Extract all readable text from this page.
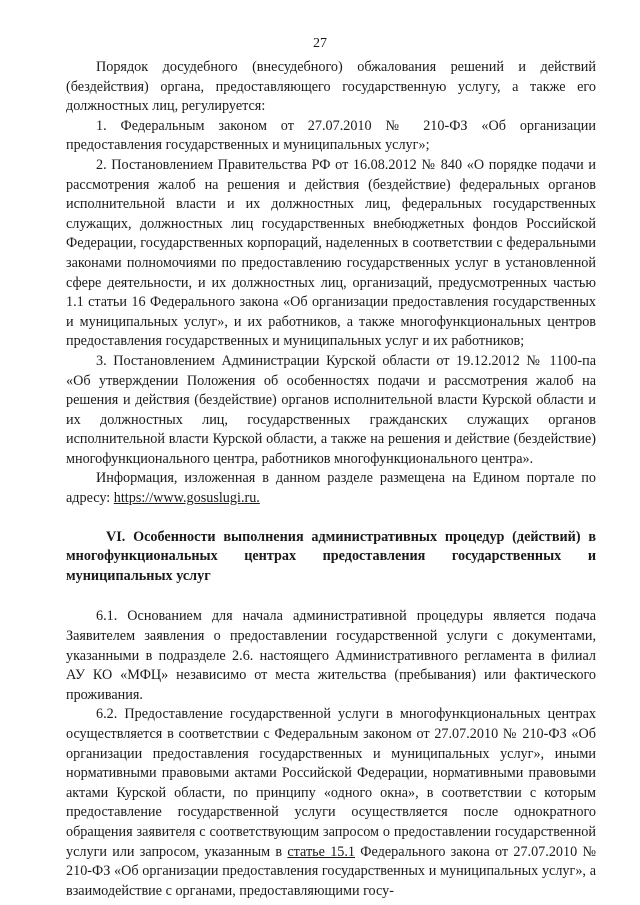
27

Порядок досудебного (внесудебного) обжалования решений и действий (бездействия) органа, предоставляющего государственную услугу, а также его должностных лиц, регулируется:

1. Федеральным законом от 27.07.2010 № 210-ФЗ «Об организации предоставления государственных и муниципальных услуг»;

2. Постановлением Правительства РФ от 16.08.2012 № 840 «О порядке подачи и рассмотрения жалоб на решения и действия (бездействие) федеральных органов исполнительной власти и их должностных лиц, федеральных государственных служащих, должностных лиц государственных внебюджетных фондов Российской Федерации, государственных корпораций, наделенных в соответствии с федеральными законами полномочиями по предоставлению государственных услуг в установленной сфере деятельности, и их должностных лиц, организаций, предусмотренных частью 1.1 статьи 16 Федерального закона «Об организации предоставления государственных и муниципальных услуг», и их работников, а также многофункциональных центров предоставления государственных и муниципальных услуг и их работников;

3. Постановлением Администрации Курской области от 19.12.2012 № 1100-па «Об утверждении Положения об особенностях подачи и рассмотрения жалоб на решения и действия (бездействие) органов исполнительной власти Курской области и их должностных лиц, государственных гражданских служащих органов исполнительной власти Курской области, а также на решения и действие (бездействие) многофункционального центра, работников многофункционального центра».

Информация, изложенная в данном разделе размещена на Едином портале по адресу: https://www.gosuslugi.ru.

VI. Особенности выполнения административных процедур (действий) в многофункциональных центрах предоставления государственных и муниципальных услуг

6.1. Основанием для начала административной процедуры является подача Заявителем заявления о предоставлении государственной услуги с документами, указанными в подразделе 2.6. настоящего Административного регламента в филиал АУ КО «МФЦ» независимо от места жительства (пребывания) или фактического проживания.

6.2. Предоставление государственной услуги в многофункциональных центрах осуществляется в соответствии с Федеральным законом от 27.07.2010 № 210-ФЗ «Об организации предоставления государственных и муниципальных услуг», иными нормативными правовыми актами Российской Федерации, нормативными правовыми актами Курской области, по принципу «одного окна», в соответствии с которым предоставление государственной услуги осуществляется после однократного обращения заявителя с соответствующим запросом о предоставлении государственной услуги или запросом, указанным в статье 15.1 Федерального закона от 27.07.2010 № 210-ФЗ «Об организации предоставления государственных и муниципальных услуг», а взаимодействие с органами, предоставляющими госу-
